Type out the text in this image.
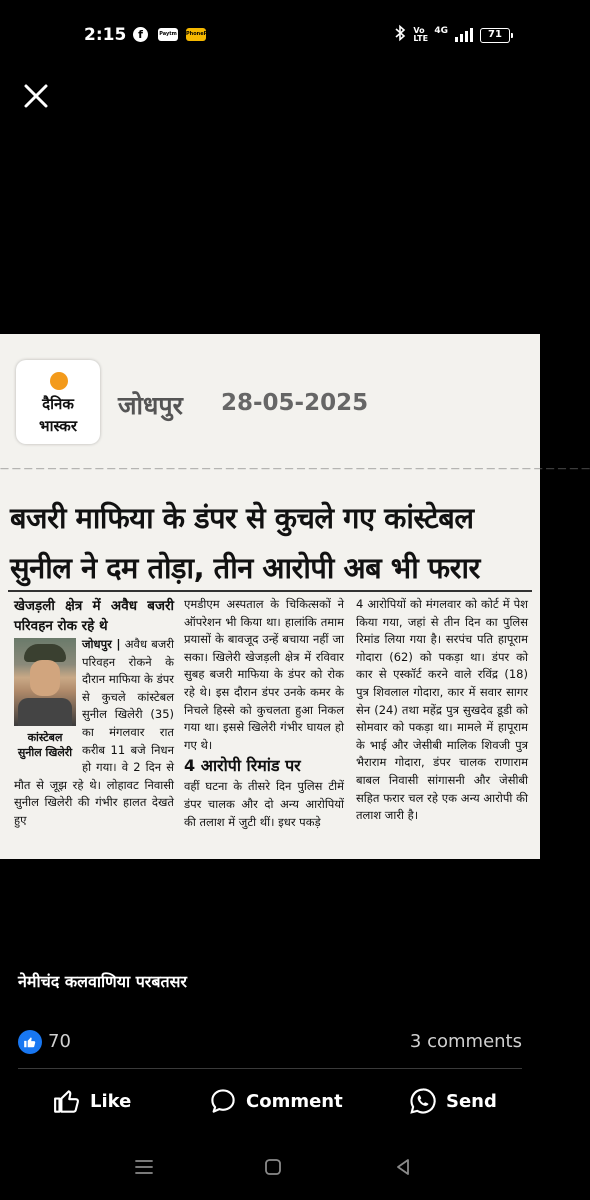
2:15	f	Paytm PhonePe	Vo LTE
4G	71
दैनिक
भास्कर
जोधपुर 28-05-2025
— — — — — — — — — — — — — — — — — — — — — — — — — — — — — — — — — — — — — — — — — — — — — — — — — —
बजरी माफिया के डंपर से कुचले गए कांस्टेबल
सुनील ने दम तोड़ा, तीन आरोपी अब भी फरार

खेजड़ली क्षेत्र में अवैध बजरी परिवहन रोक रहे थे

कांस्टेबल सुनील खिलेरी

जोधपुर | अवैध बजरी परिवहन रोकने के दौरान माफिया के डंपर से कुचले कांस्टेबल सुनील खिलेरी (35) का मंगलवार रात करीब 11 बजे निधन हो गया। वे 2 दिन से मौत से जूझ रहे थे। लोहावट निवासी सुनील खिलेरी की गंभीर हालत देखते हुए

एमडीएम अस्पताल के चिकित्सकों ने ऑपरेशन भी किया था। हालांकि तमाम प्रयासों के बावजूद उन्हें बचाया नहीं जा सका। खिलेरी खेजड़ली क्षेत्र में रविवार सुबह बजरी माफिया के डंपर को रोक रहे थे। इस दौरान डंपर उनके कमर के निचले हिस्से को कुचलता हुआ निकल गया था। इससे खिलेरी गंभीर घायल हो गए थे।

4 आरोपी रिमांड पर

वहीं घटना के तीसरे दिन पुलिस टीमें डंपर चालक और दो अन्य आरोपियों की तलाश में जुटी थीं। इधर पकड़े

4 आरोपियों को मंगलवार को कोर्ट में पेश किया गया, जहां से तीन दिन का पुलिस रिमांड लिया गया है। सरपंच पति हापूराम गोदारा (62) को पकड़ा था। डंपर को कार से एस्कॉर्ट करने वाले रविंद्र (18) पुत्र शिवलाल गोदारा, कार में सवार सागर सेन (24) तथा महेंद्र पुत्र सुखदेव डूडी को सोमवार को पकड़ा था। मामले में हापूराम के भाई और जेसीबी मालिक शिवजी पुत्र भैराराम गोदारा, डंपर चालक राणाराम बाबल निवासी सांगासनी और जेसीबी सहित फरार चल रहे एक अन्य आरोपी की तलाश जारी है।

नेमीचंद कलवाणिया परबतसर
70	3 comments
Like	Comment	Send
